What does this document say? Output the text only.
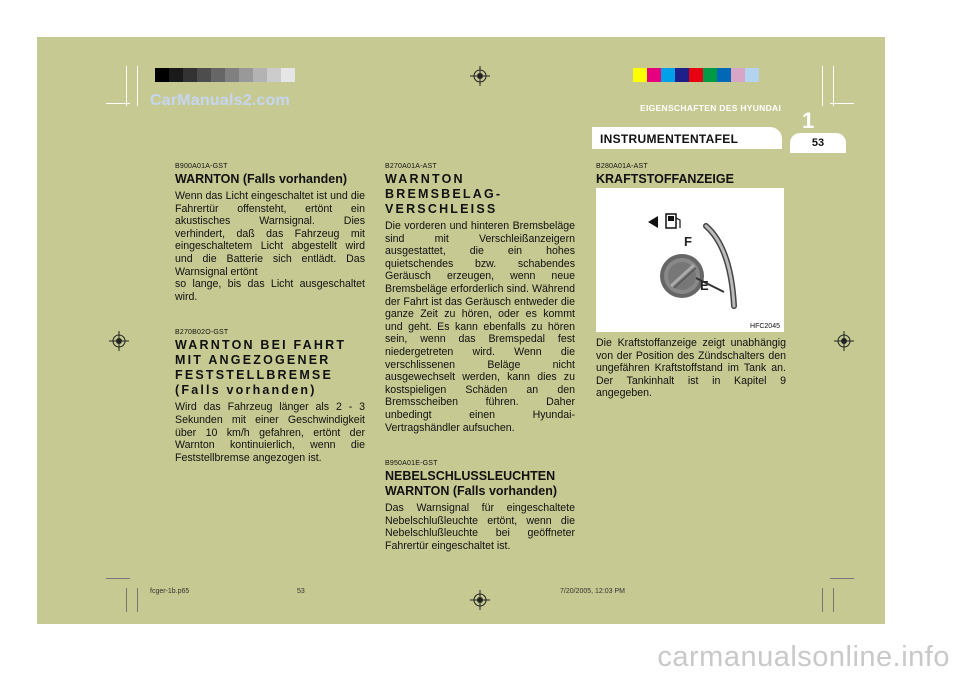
CarManuals2.com	EIGENSCHAFTEN DES HYUNDAI 1
INSTRUMENTENTAFEL	53

B900A01A-GST

WARNTON (Falls vorhanden)

Wenn das Licht eingeschaltet ist und die Fahrertür offensteht, ertönt ein akustisches Warnsignal. Dies verhindert, daß das Fahrzeug mit eingeschaltetem Licht abgestellt wird und die Batterie sich entlädt. Das Warnsignal ertönt
so lange, bis das Licht ausgeschaltet wird.

B270B02O-GST

WARNTON BEI FAHRT MIT ANGEZOGENER FESTSTELLBREMSE (Falls vorhanden)

Wird das Fahrzeug länger als 2 - 3 Sekunden mit einer Geschwindigkeit über 10 km/h gefahren, ertönt der Warnton kontinuierlich, wenn die Feststellbremse angezogen ist.

B270A01A-AST

WARNTON BREMSBELAG-VERSCHLEISS

Die vorderen und hinteren Bremsbeläge sind mit Verschleißanzeigern ausgestattet, die ein hohes quietschendes bzw. schabendes Geräusch erzeugen, wenn neue Bremsbeläge erforderlich sind. Während der Fahrt ist das Geräusch entweder die ganze Zeit zu hören, oder es kommt und geht. Es kann ebenfalls zu hören sein, wenn das Bremspedal fest niedergetreten wird. Wenn die verschlissenen Beläge nicht ausgewechselt werden, kann dies zu kostspieligen Schäden an den Bremsscheiben führen. Daher unbedingt einen Hyundai-Vertragshändler aufsuchen.

B950A01E-GST

NEBELSCHLUSSLEUCHTEN WARNTON (Falls vorhanden)

Das Warnsignal für eingeschaltete Nebelschlußleuchte ertönt, wenn die Nebelschlußleuchte bei geöffneter Fahrertür eingeschaltet ist.

B280A01A-AST

KRAFTSTOFFANZEIGE

F
E
HFC2045

Die Kraftstoffanzeige zeigt unabhängig von der Position des Zündschalters den ungefähren Kraftstoffstand im Tank an. Der Tankinhalt ist in Kapitel 9 angegeben.

fcger-1b.p65	53	7/20/2005, 12:03 PM
carmanualsonline.info
